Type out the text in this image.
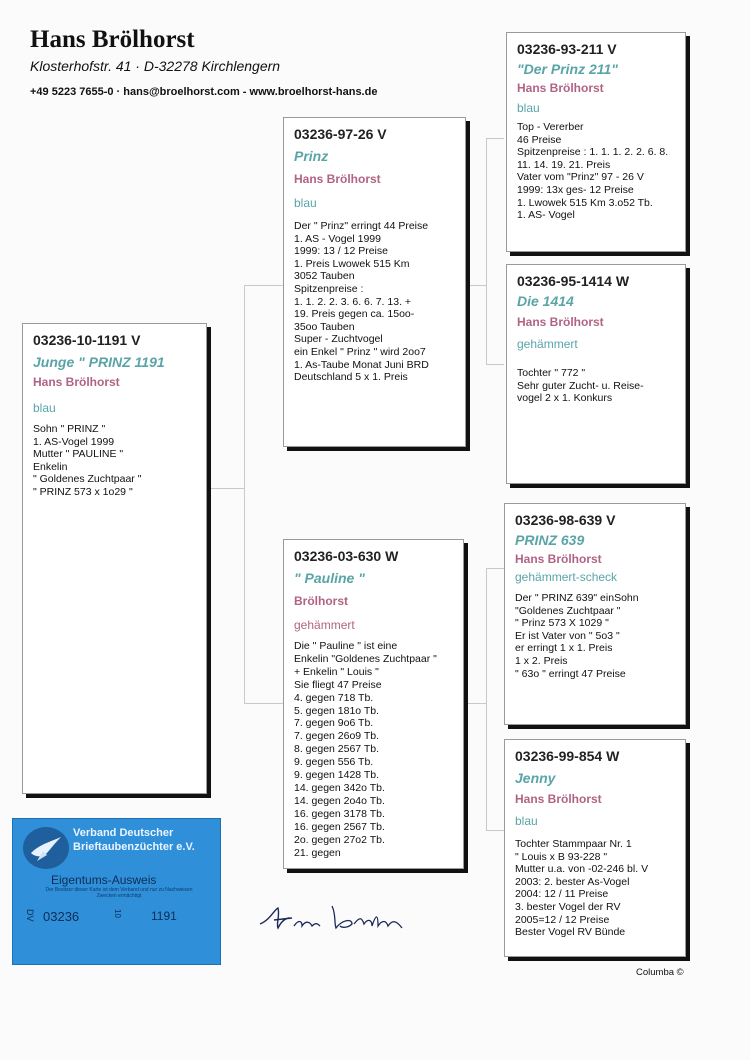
Hans Brölhorst
Klosterhofstr. 41 · D-32278 Kirchlengern
+49 5223 7655-0 · hans@broelhorst.com - www.broelhorst-hans.de
03236-10-1191 V
Junge " PRINZ 1191
Hans Brölhorst
blau
Sohn " PRINZ "
1. AS-Vogel 1999
Mutter " PAULINE "
Enkelin
" Goldenes Zuchtpaar "
" PRINZ 573 x 1o29 "
03236-97-26 V
Prinz
Hans Brölhorst
blau
Der " Prinz" erringt 44 Preise
1. AS - Vogel 1999
1999: 13 / 12 Preise
1. Preis Lwowek 515 Km
3052 Tauben
Spitzenpreise :
1. 1. 2. 2. 3. 6. 6. 7. 13. +
19. Preis gegen ca. 15oo-
35oo Tauben
Super - Zuchtvogel
ein Enkel " Prinz " wird 2oo7
1. As-Taube Monat Juni BRD
Deutschland 5 x 1. Preis
03236-03-630 W
" Pauline "
Brölhorst
gehämmert
Die " Pauline " ist eine
Enkelin "Goldenes Zuchtpaar "
+ Enkelin " Louis "
Sie fliegt 47 Preise
4. gegen 718 Tb.
5. gegen 181o Tb.
7. gegen 9o6 Tb.
7. gegen 26o9 Tb.
8. gegen 2567 Tb.
9. gegen 556 Tb.
9. gegen 1428 Tb.
14. gegen 342o Tb.
14. gegen 2o4o Tb.
16. gegen 3178 Tb.
16. gegen 2567 Tb.
2o. gegen 27o2 Tb.
21. gegen
03236-93-211 V
"Der Prinz 211"
Hans Brölhorst
blau
Top - Vererber
46 Preise
Spitzenpreise : 1. 1. 1. 2. 2. 6. 8.
11. 14. 19. 21. Preis
Vater vom "Prinz" 97 - 26 V
1999: 13x ges- 12 Preise
1. Lwowek 515 Km 3.o52 Tb.
1. AS- Vogel
03236-95-1414 W
Die 1414
Hans Brölhorst
gehämmert
Tochter " 772 "
Sehr guter Zucht- u. Reise-
vogel 2 x 1. Konkurs
03236-98-639 V
PRINZ 639
Hans Brölhorst
gehämmert-scheck
Der " PRINZ 639" einSohn
"Goldenes Zuchtpaar "
" Prinz 573 X 1029 "
Er ist Vater von " 5o3 "
er erringt 1 x 1. Preis
1 x 2. Preis
" 63o " erringt 47 Preise
03236-99-854 W
Jenny
Hans Brölhorst
blau
Tochter Stammpaar Nr. 1
" Louis x B 93-228 "
Mutter u.a. von -02-246 bl. V
2003: 2. bester As-Vogel
2004: 12 / 11 Preise
3. bester Vogel der RV
2005=12 / 12 Preise
Bester Vogel RV Bünde
Verband Deutscher
Brieftaubenzüchter e.V.
Eigentums-Ausweis
Der Besitzer dieser Karte ist dem Verband und nur zu Nachweisen Zwecken ermächtigt
DV 03236	10 1191
Columba ©
